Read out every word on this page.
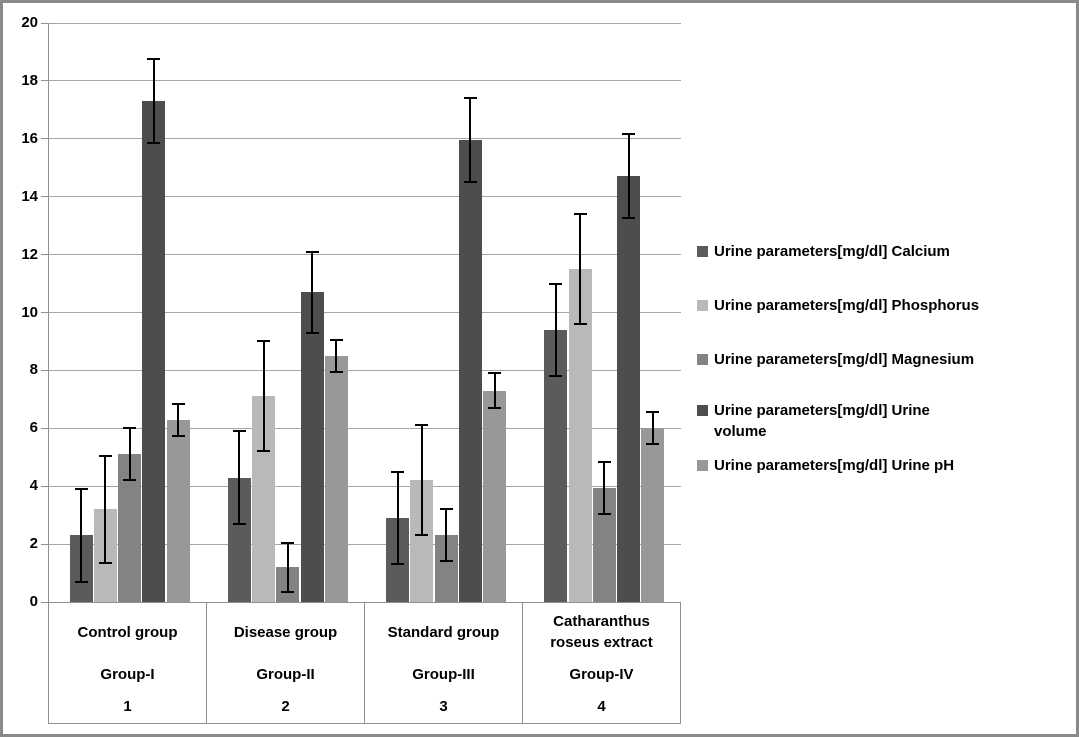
Control group
Group-I
1
Disease group
Group-II
2
Standard group
Group-III
3
Catharanthus roseus extract
Group-IV
4
0
2
4
6
8
10
12
14
16
18
20
Urine parameters[mg/dl] Calcium
Urine parameters[mg/dl] Phosphorus
Urine parameters[mg/dl] Magnesium
Urine parameters[mg/dl] Urine
volume
Urine parameters[mg/dl] Urine pH
